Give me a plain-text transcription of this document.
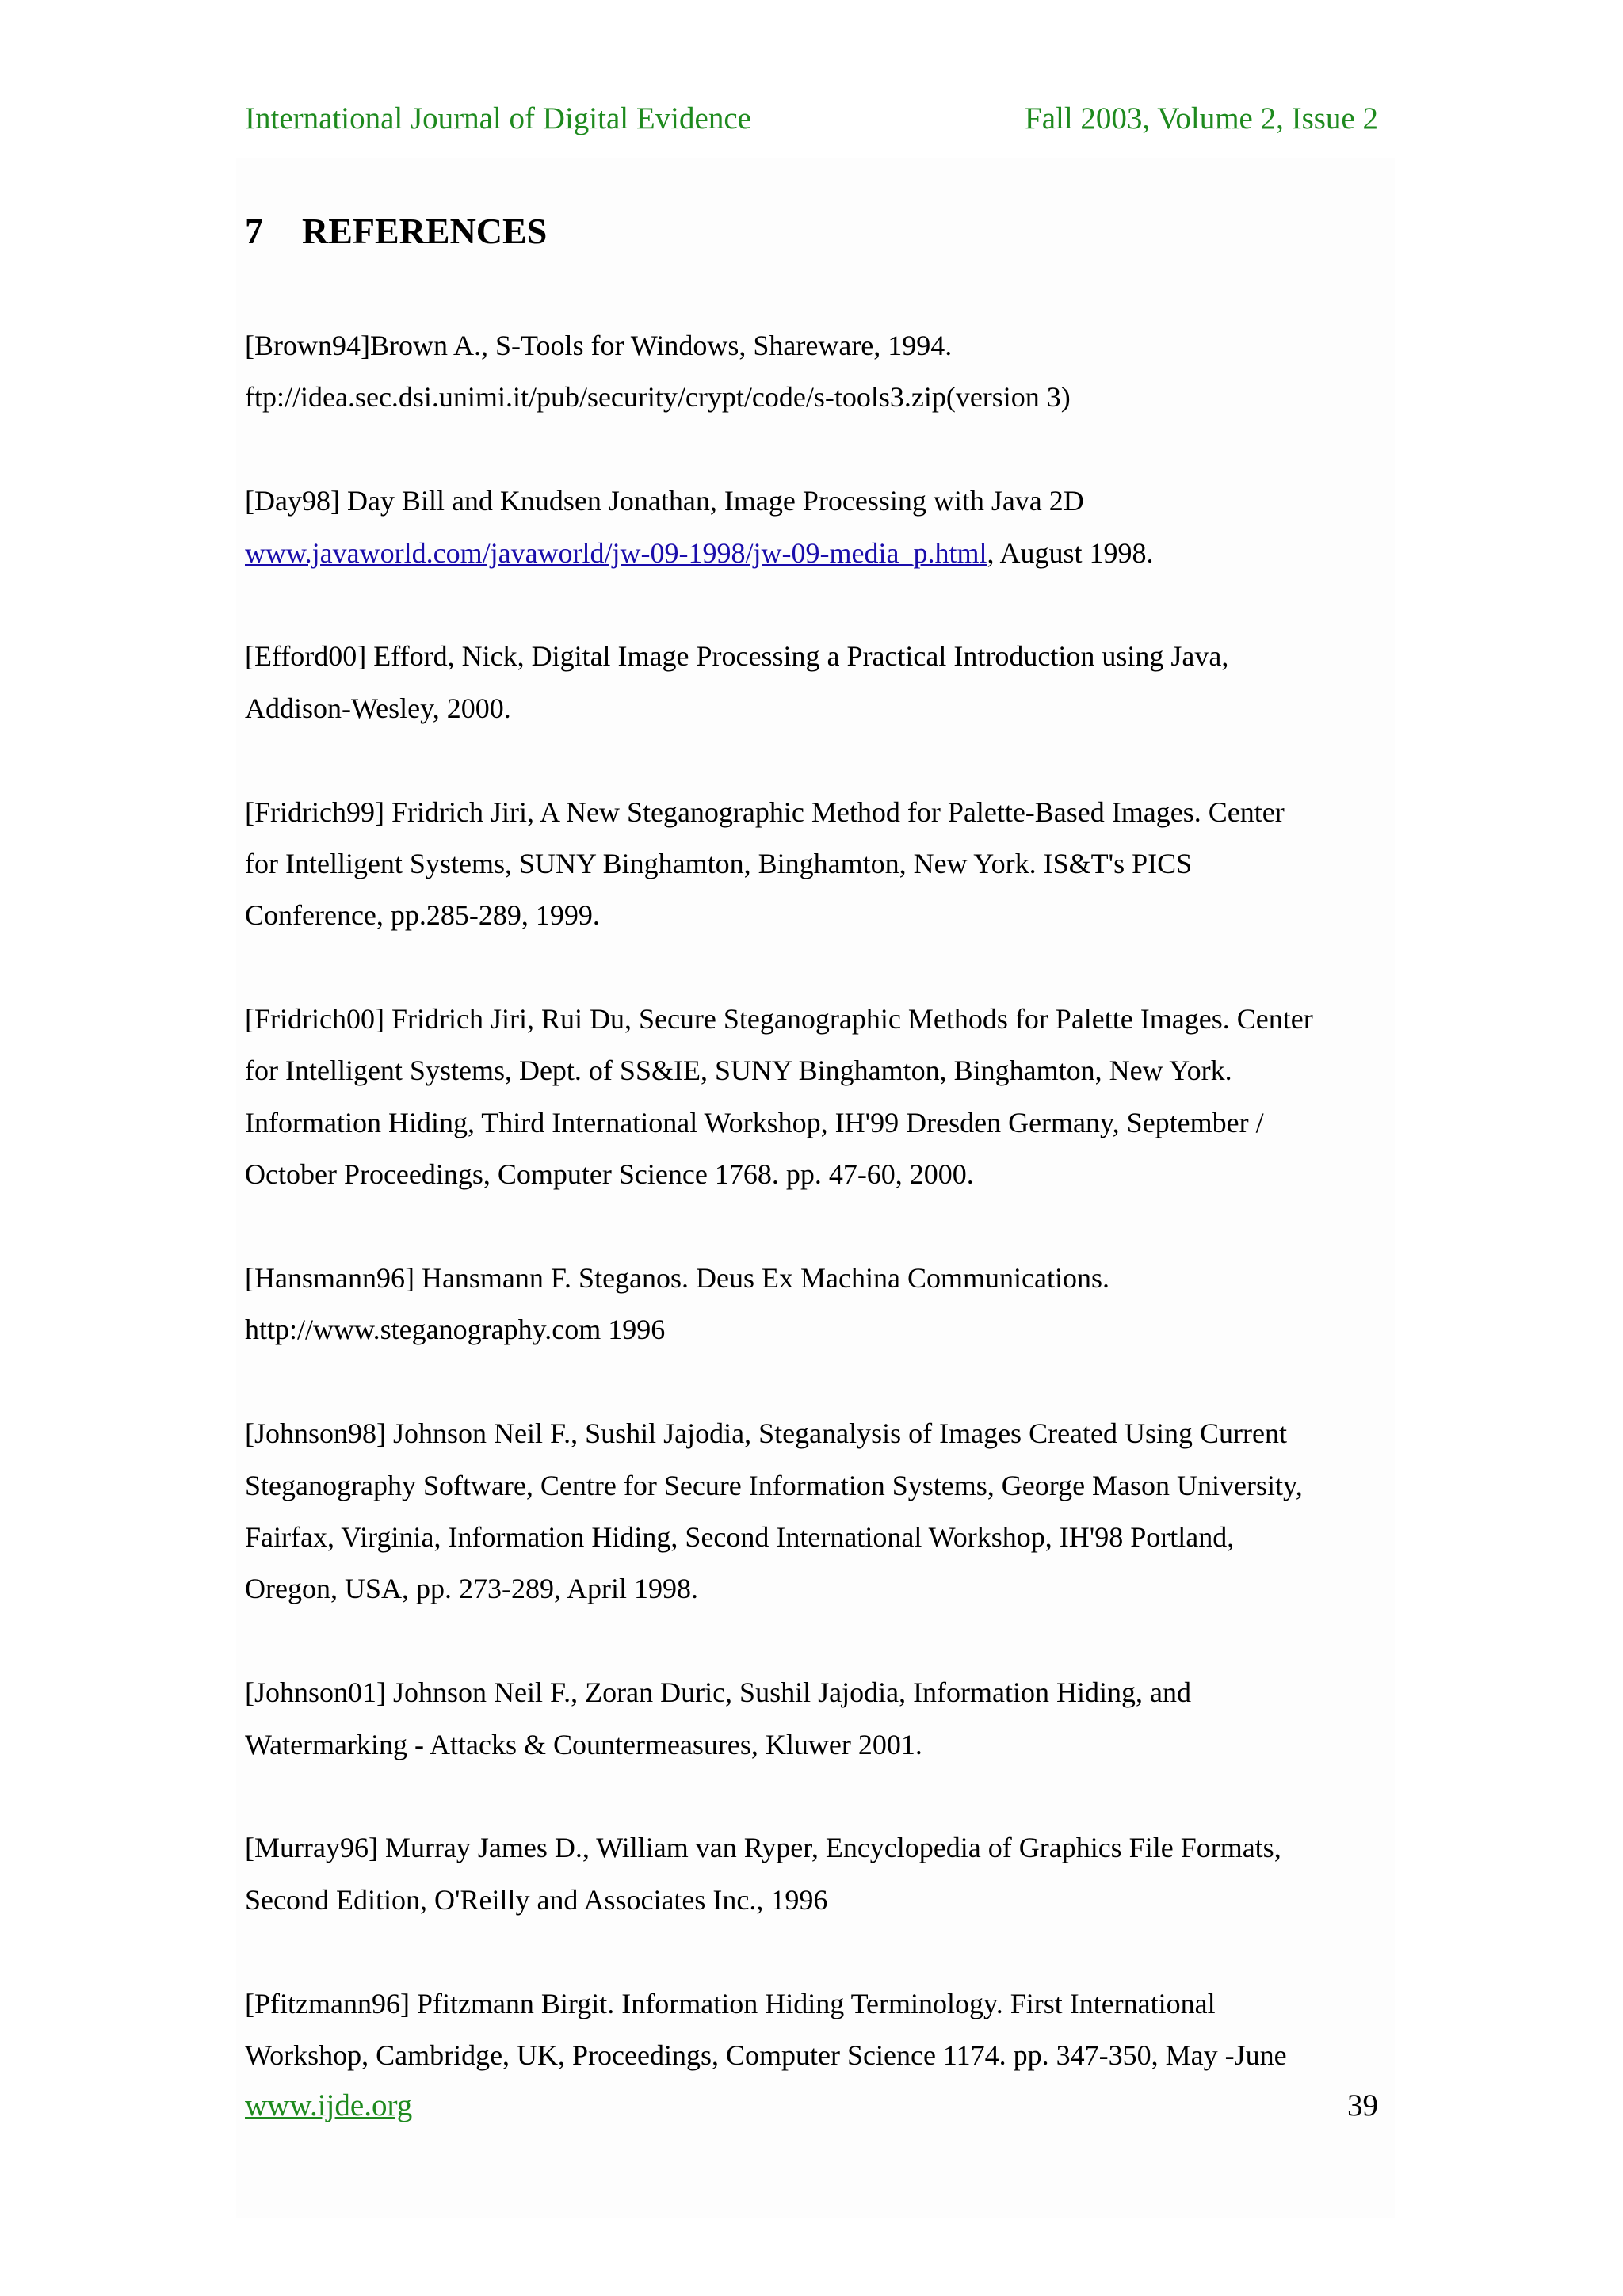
International Journal of Digital Evidence	Fall 2003, Volume 2, Issue 2
7 REFERENCES
[Brown94]Brown A., S-Tools for Windows, Shareware, 1994.
ftp://idea.sec.dsi.unimi.it/pub/security/crypt/code/s-tools3.zip(version 3)
[Day98] Day Bill and Knudsen Jonathan, Image Processing with Java 2D
www.javaworld.com/javaworld/jw-09-1998/jw-09-media_p.html, August 1998.
[Efford00] Efford, Nick, Digital Image Processing a Practical Introduction using Java,
Addison-Wesley, 2000.
[Fridrich99] Fridrich Jiri, A New Steganographic Method for Palette-Based Images. Center
for Intelligent Systems, SUNY Binghamton, Binghamton, New York. IS&T's PICS
Conference, pp.285-289, 1999.
[Fridrich00] Fridrich Jiri, Rui Du, Secure Steganographic Methods for Palette Images. Center
for Intelligent Systems, Dept. of SS&IE, SUNY Binghamton, Binghamton, New York.
Information Hiding, Third International Workshop, IH'99 Dresden Germany, September /
October Proceedings, Computer Science 1768. pp. 47-60, 2000.
[Hansmann96] Hansmann F. Steganos. Deus Ex Machina Communications.
http://www.steganography.com 1996
[Johnson98] Johnson Neil F., Sushil Jajodia, Steganalysis of Images Created Using Current
Steganography Software, Centre for Secure Information Systems, George Mason University,
Fairfax, Virginia, Information Hiding, Second International Workshop, IH'98 Portland,
Oregon, USA, pp. 273-289, April 1998.
[Johnson01] Johnson Neil F., Zoran Duric, Sushil Jajodia, Information Hiding, and
Watermarking - Attacks & Countermeasures, Kluwer 2001.
[Murray96] Murray James D., William van Ryper, Encyclopedia of Graphics File Formats,
Second Edition, O'Reilly and Associates Inc., 1996
[Pfitzmann96] Pfitzmann Birgit. Information Hiding Terminology. First International
Workshop, Cambridge, UK, Proceedings, Computer Science 1174. pp. 347-350, May -June
www.ijde.org	39
